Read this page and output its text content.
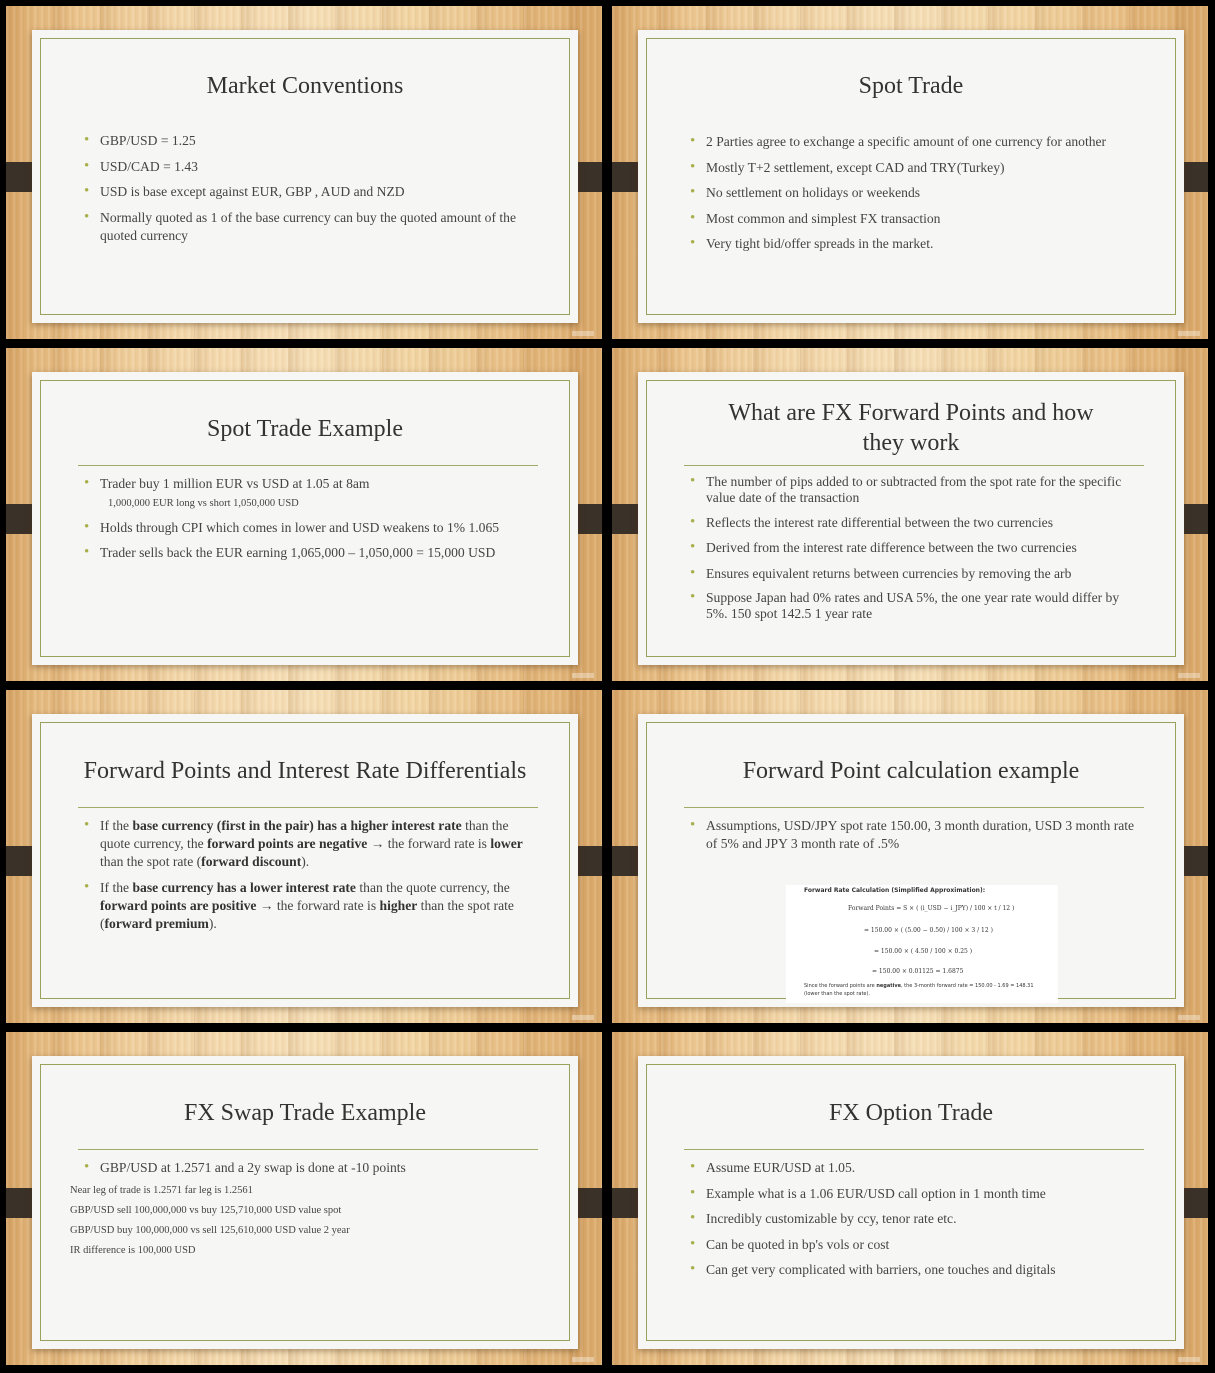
Market Conventions
• GBP/USD = 1.25
• USD/CAD = 1.43
• USD is base except against EUR, GBP , AUD and NZD
• Normally quoted as 1 of the base currency can buy the quoted amount of the quoted currency
Spot Trade
• 2 Parties agree to exchange a specific amount of one currency for another
• Mostly T+2 settlement, except CAD and TRY(Turkey)
• No settlement on holidays or weekends
• Most common and simplest FX transaction
• Very tight bid/offer spreads in the market.
Spot Trade Example
• Trader buy 1 million EUR vs USD at 1.05 at 8am
1,000,000 EUR long vs short 1,050,000 USD
• Holds through CPI which comes in lower and USD weakens to 1% 1.065
• Trader sells back the EUR earning 1,065,000 – 1,050,000 = 15,000 USD
What are FX Forward Points and how they work
• The number of pips added to or subtracted from the spot rate for the specific value date of the transaction
• Reflects the interest rate differential between the two currencies
• Derived from the interest rate difference between the two currencies
• Ensures equivalent returns between currencies by removing the arb
• Suppose Japan had 0% rates and USA 5%, the one year rate would differ by 5%. 150 spot 142.5 1 year rate
Forward Points and Interest Rate Differentials
• If the base currency (first in the pair) has a higher interest rate than the quote currency, the forward points are negative → the forward rate is lower than the spot rate (forward discount).
• If the base currency has a lower interest rate than the quote currency, the forward points are positive → the forward rate is higher than the spot rate (forward premium).
Forward Point calculation example
• Assumptions, USD/JPY spot rate 150.00, 3 month duration, USD 3 month rate of 5% and JPY 3 month rate of .5%
Forward Rate Calculation (Simplified Approximation):
Forward Points = S × ( (i_USD − i_JPY) / 100 × t / 12 )
= 150.00 × ( (5.00 − 0.50) / 100 × 3 / 12 )
= 150.00 × ( 4.50 / 100 × 0.25 )
= 150.00 × 0.01125 = 1.6875
Since the forward points are negative, the 3-month forward rate = 150.00 - 1.69 = 148.31 (lower than the spot rate).
FX Swap Trade Example
• GBP/USD at 1.2571 and a 2y swap is done at -10 points
Near leg of trade is 1.2571 far leg is 1.2561
GBP/USD sell 100,000,000 vs buy 125,710,000 USD value spot
GBP/USD buy 100,000,000 vs sell 125,610,000 USD value 2 year
IR difference is 100,000 USD
FX Option Trade
• Assume EUR/USD at 1.05.
• Example what is a 1.06 EUR/USD call option in 1 month time
• Incredibly customizable by ccy, tenor rate etc.
• Can be quoted in bp's vols or cost
• Can get very complicated with barriers, one touches and digitals
